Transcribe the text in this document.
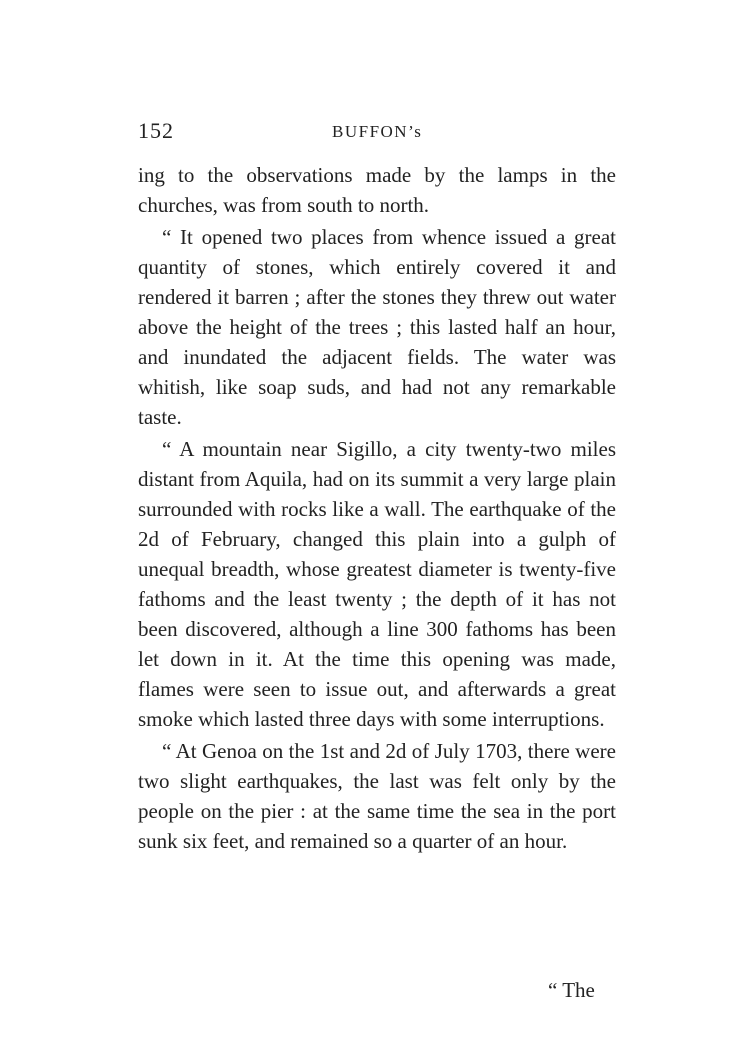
152	BUFFON’s

ing to the observations made by the lamps in the churches, was from south to north.

“ It opened two places from whence issued a great quantity of stones, which entirely covered it and rendered it barren ; after the stones they threw out water above the height of the trees ; this lasted half an hour, and inundated the adjacent fields. The water was whitish, like soap suds, and had not any remarkable taste.

“ A mountain near Sigillo, a city twenty-two miles distant from Aquila, had on its summit a very large plain surrounded with rocks like a wall. The earthquake of the 2d of February, changed this plain into a gulph of unequal breadth, whose greatest diameter is twenty-five fathoms and the least twenty ; the depth of it has not been discovered, although a line 300 fathoms has been let down in it. At the time this opening was made, flames were seen to issue out, and afterwards a great smoke which lasted three days with some interruptions.

“ At Genoa on the 1st and 2d of July 1703, there were two slight earthquakes, the last was felt only by the people on the pier : at the same time the sea in the port sunk six feet, and remained so a quarter of an hour.

“ The
